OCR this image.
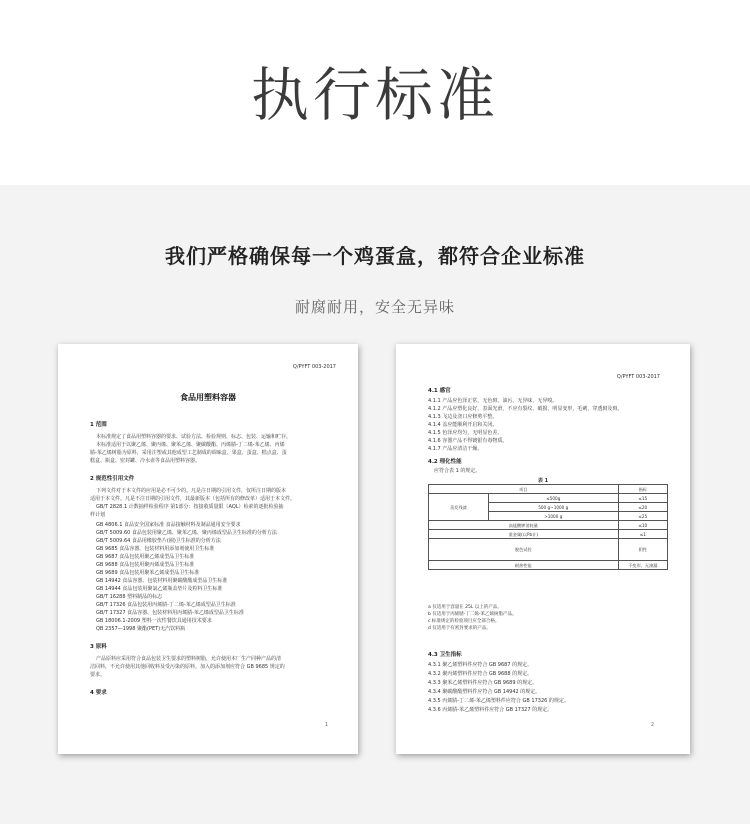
执行标准
我们严格确保每一个鸡蛋盒，都符合企业标准
耐腐耐用，安全无异味
Q/PYFT 003-2017
食品用塑料容器
1 范围
本标准规定了食品用塑料容器的要求、试验方法、检验规则、标志、包装、运输和贮存。
本标准适用于以聚乙烯、聚丙烯、聚苯乙烯、聚碳酸酯、丙烯腈-丁二烯-苯乙烯、丙烯
腈-苯乙烯树脂为原料，采用注塑或其他成型工艺制成的调味盒、果盒、蛋盒、糕点盒、蛋
糕盒、瓶盒、密封罐、冷水壶等食品用塑料容器。
2 规范性引用文件
下列文件对于本文件的应用是必不可少的。凡是注日期的引用文件，仅所注日期的版本
适用于本文件。凡是不注日期的引用文件，其最新版本（包括所有的修改单）适用于本文件。
GB/T 2828.1 计数抽样检验程序 第1部分：按接收质量限（AQL）检索的逐批检验抽
样计划
GB 4806.1 食品安全国家标准 食品接触材料及制品通用安全要求
GB/T 5009.60 食品包装用聚乙烯、聚苯乙烯、聚丙烯成型品卫生标准的分析方法
GB/T 5009.64 食品用橡胶垫片(圈)卫生标准的分析方法
GB 9685 食品容器、包装材料用添加剂使用卫生标准
GB 9687 食品包装用聚乙烯成型品卫生标准
GB 9688 食品包装用聚丙烯成型品卫生标准
GB 9689 食品包装用聚苯乙烯成型品卫生标准
GB 14942 食品容器、包装材料用聚碳酸酯成型品卫生标准
GB 14944 食品包装用聚氯乙烯瓶盖垫片及粒料卫生标准
GB/T 16288 塑料制品的标志
GB/T 17326 食品包装用丙烯腈-丁二烯-苯乙烯成型品卫生标准
GB/T 17327 食品容器、包装材料用丙烯腈-苯乙烯成型品卫生标准
GB 18006.1-2009 塑料一次性餐饮具通用技术要求
QB 2357—1998 聚酯(PET)无汽饮料瓶
3 原料
产品原料应采用符合食品包装卫生要求的塑料树脂，允许使用本厂生产同种产品的清
洁回料，不允许使用其他回收料及受污染的原料。加入的添加剂应符合 GB 9685 规定的
要求。
4 要求
1
Q/PYFT 003-2017
4.1 感官
4.1.1 产品应色泽正常，无色斑、油污，无异味，无异嗅。
4.1.2 产品应塑化良好，表面光滑，不应有裂纹、破损，明显变形，毛刺，穿透斑及斑。
4.1.3 飞边及浇口应修剪平整。
4.1.4 盖应能顺利开启和关闭。
4.1.5 色泽应均匀，无明显色差。
4.1.6 容器产品不得镀银有毒物质。
4.1.7 产品应清洁干燥。
4.2 理化性能
应符合表 1 的规定。
表 1
项目		指标
蒸发残渣	≤500g	≤15
	500 g~1000 g	≤20
	>1000 g	≤25
高锰酸钾消耗量		≤10
重金属(以Pb计)		≤1
脱色试验		阴性
耐热性能		不变形、无渗漏
a 仅适用于容量在 25L 以上的产品。
b 仅适用于丙烯腈-丁二烯-苯乙烯树脂产品。
c 标准规定的检验项目应全部合格。
d 仅适用于有密封要求的产品。
4.3 卫生指标
4.3.1 聚乙烯塑料件应符合 GB 9687 的规定。
4.3.2 聚丙烯塑料件应符合 GB 9688 的规定。
4.3.3 聚苯乙烯塑料件应符合 GB 9689 的规定。
4.3.4 聚碳酸酯塑料件应符合 GB 14942 的规定。
4.3.5 丙烯腈-丁二烯-苯乙烯塑料件应符合 GB 17326 的规定。
4.3.6 丙烯腈-苯乙烯塑料件应符合 GB 17327 的规定。
2
